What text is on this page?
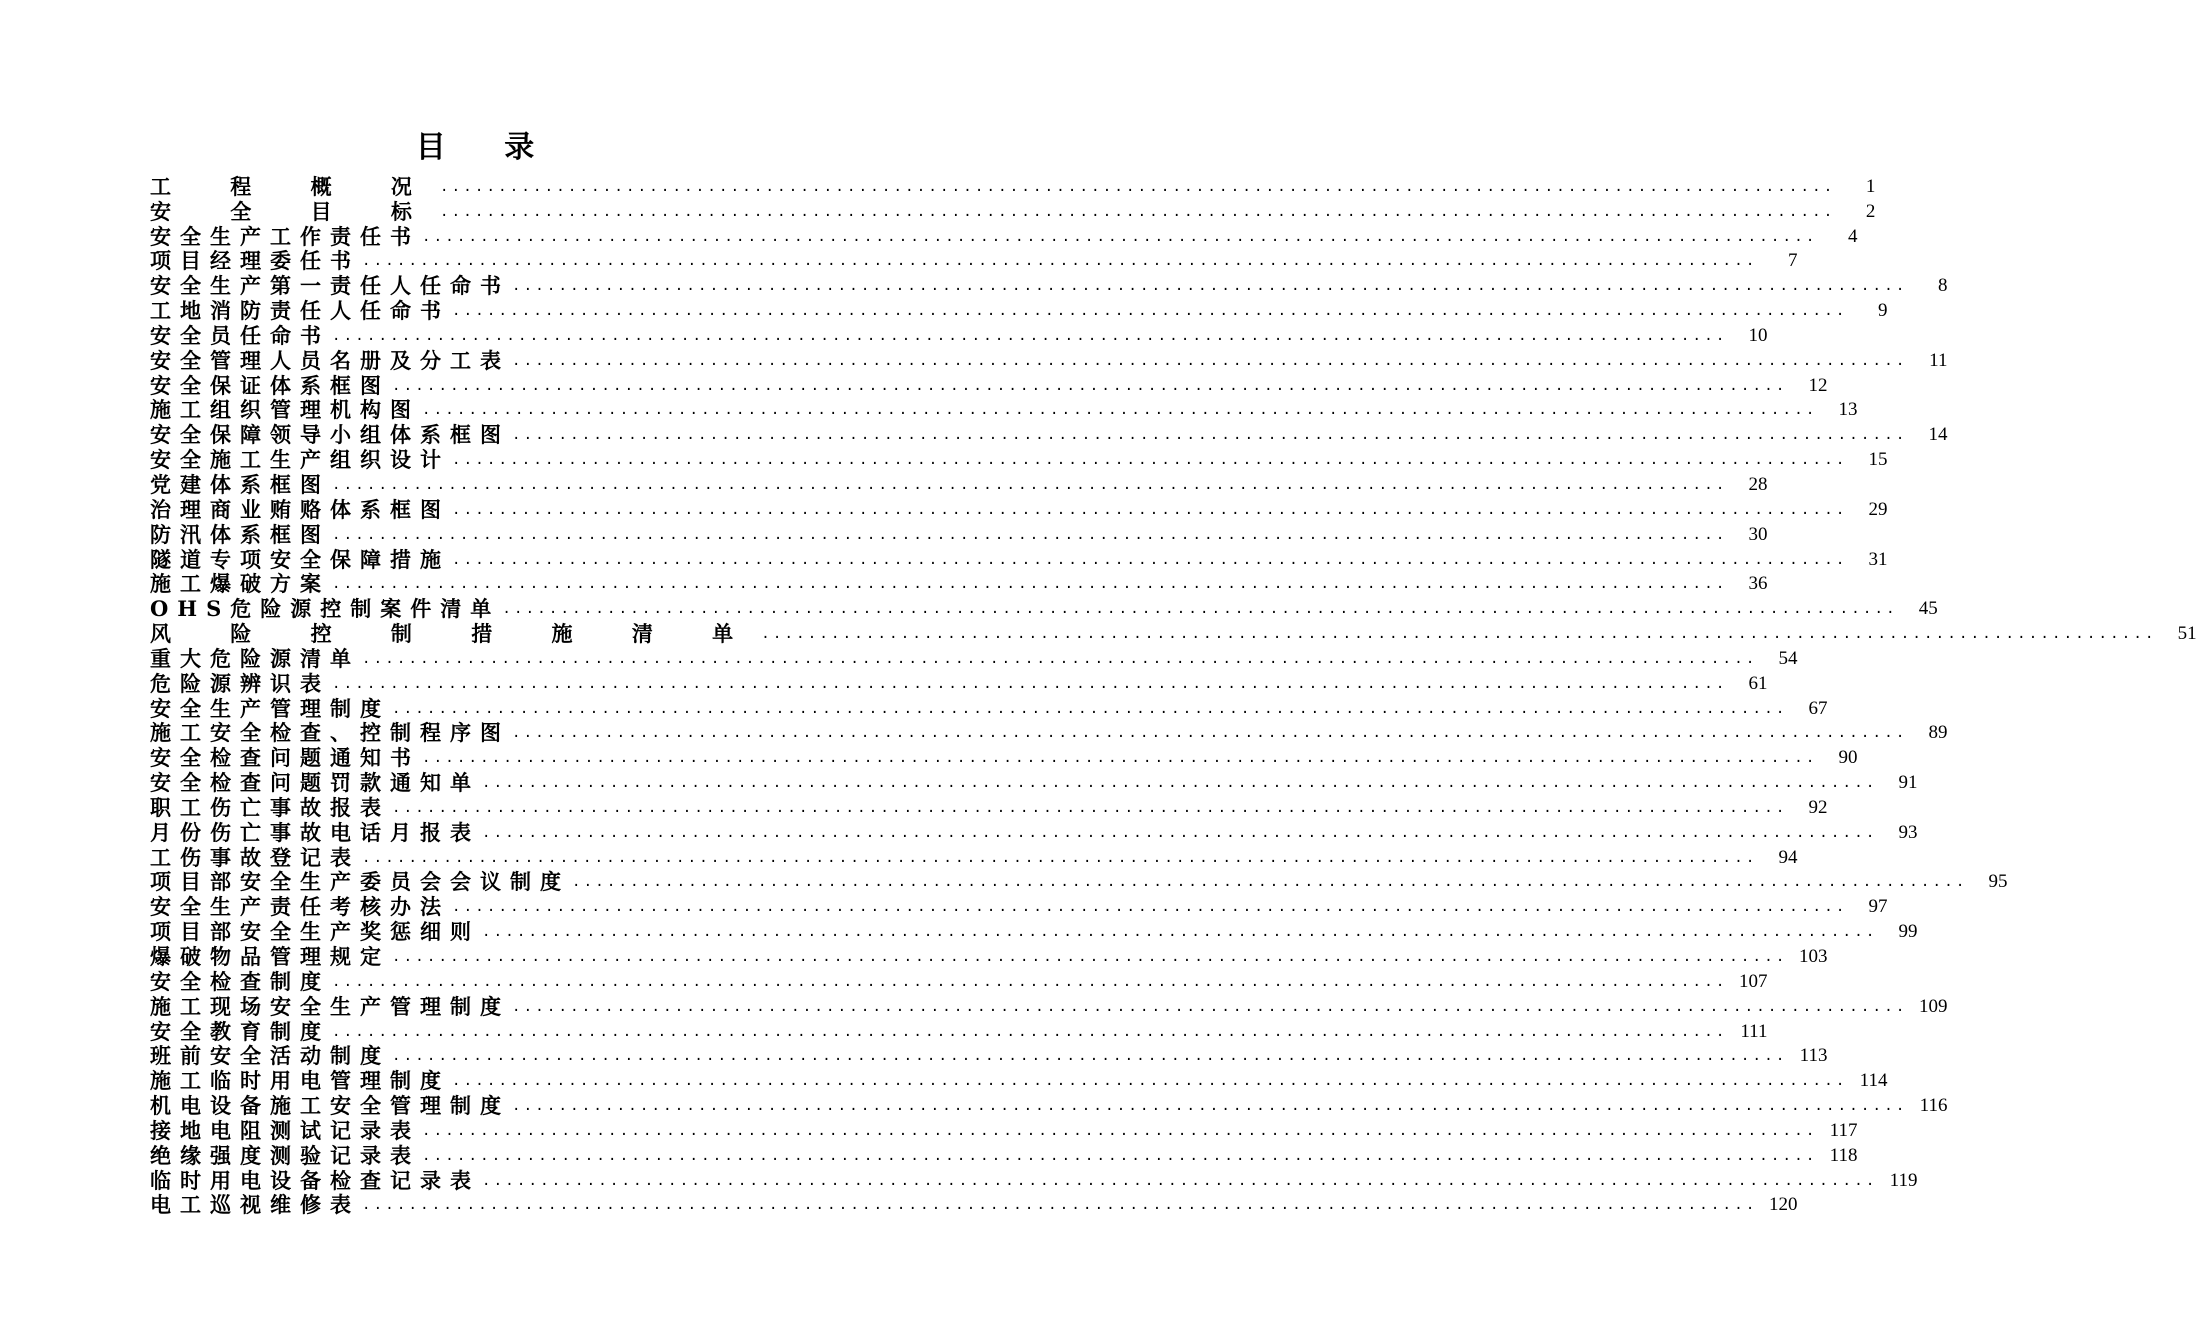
目 录
工 程 概 况 ........................................................................................................................	1
安 全 目 标 ........................................................................................................................	2
安全生产工作责任书 ........................................................................................................................	4
项目经理委任书 ........................................................................................................................	7
安全生产第一责任人任命书 ........................................................................................................................	8
工地消防责任人任命书 ........................................................................................................................	9
安全员任命书 ........................................................................................................................	10
安全管理人员名册及分工表 ........................................................................................................................	11
安全保证体系框图 ........................................................................................................................	12
施工组织管理机构图 ........................................................................................................................	13
安全保障领导小组体系框图 ........................................................................................................................	14
安全施工生产组织设计 ........................................................................................................................	15
党建体系框图 ........................................................................................................................	28
治理商业贿赂体系框图 ........................................................................................................................	29
防汛体系框图 ........................................................................................................................	30
隧道专项安全保障措施 ........................................................................................................................	31
施工爆破方案 ........................................................................................................................	36
OHS危险源控制案件清单 ........................................................................................................................	45
风 险 控 制 措 施 清 单 ........................................................................................................................	51
重大危险源清单 ........................................................................................................................	54
危险源辨识表 ........................................................................................................................	61
安全生产管理制度 ........................................................................................................................	67
施工安全检查、控制程序图 ........................................................................................................................	89
安全检查问题通知书 ........................................................................................................................	90
安全检查问题罚款通知单 ........................................................................................................................	91
职工伤亡事故报表 ........................................................................................................................	92
月份伤亡事故电话月报表 ........................................................................................................................	93
工伤事故登记表 ........................................................................................................................	94
项目部安全生产委员会会议制度 ........................................................................................................................	95
安全生产责任考核办法 ........................................................................................................................	97
项目部安全生产奖惩细则 ........................................................................................................................	99
爆破物品管理规定 ........................................................................................................................ 103
安全检查制度 ........................................................................................................................ 107
施工现场安全生产管理制度 ........................................................................................................................ 109
安全教育制度 ........................................................................................................................ 111
班前安全活动制度 ........................................................................................................................ 113
施工临时用电管理制度 ........................................................................................................................ 114
机电设备施工安全管理制度 ........................................................................................................................ 116
接地电阻测试记录表 ........................................................................................................................ 117
绝缘强度测验记录表 ........................................................................................................................ 118
临时用电设备检查记录表 ........................................................................................................................ 119
电工巡视维修表 ........................................................................................................................ 120
